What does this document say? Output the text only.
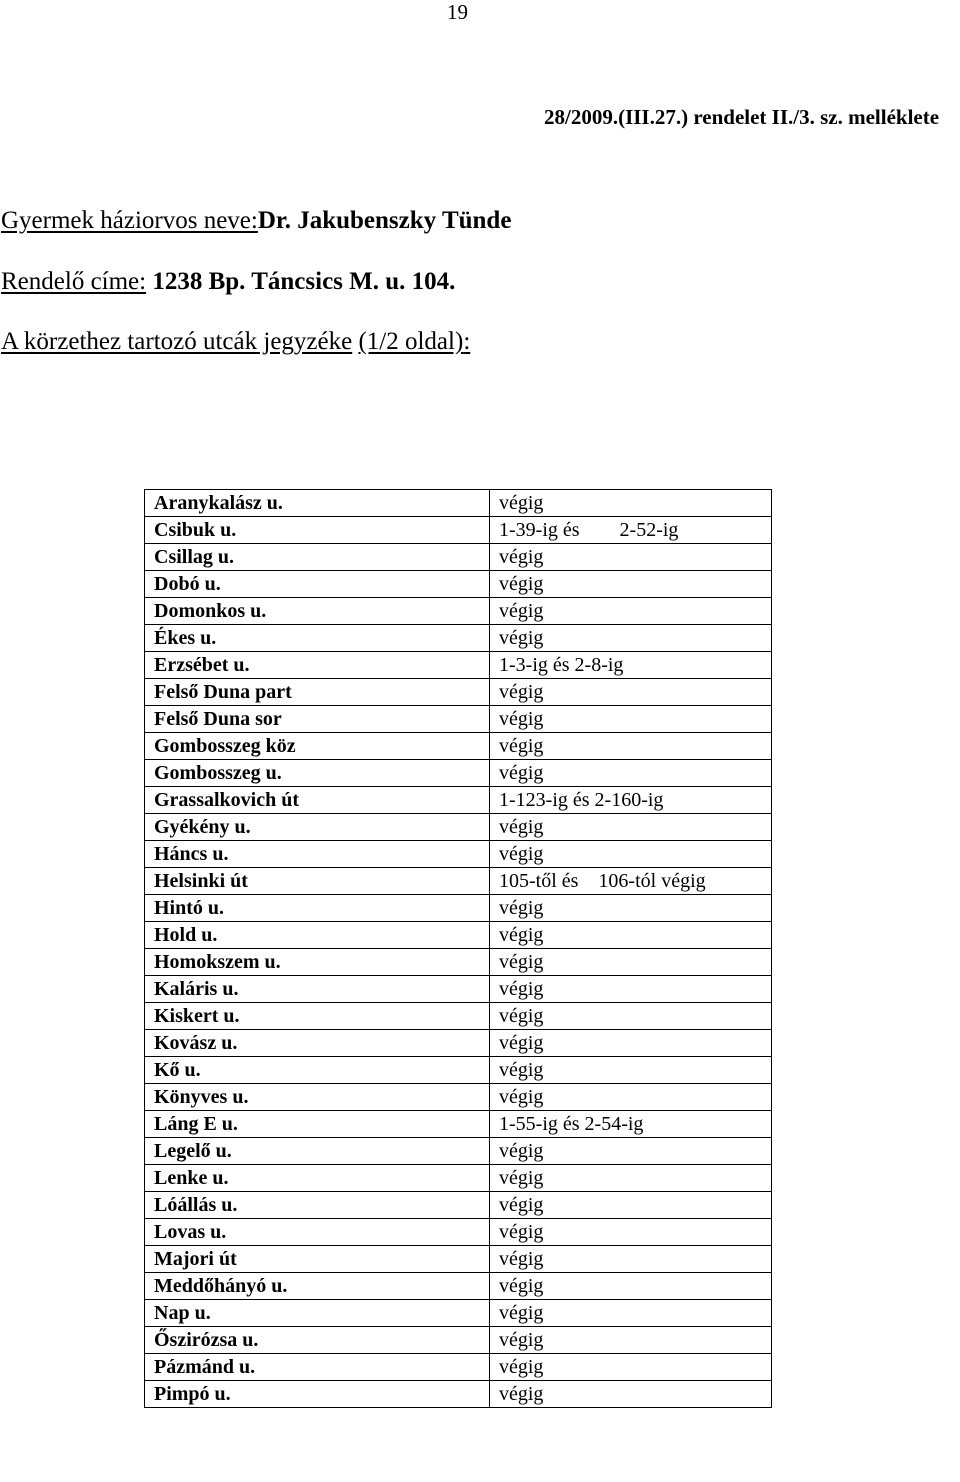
19
28/2009.(III.27.) rendelet II./3. sz. melléklete
Gyermek háziorvos neve:Dr. Jakubenszky Tünde
Rendelő címe: 1238 Bp. Táncsics M. u. 104.
A körzethez tartozó utcák jegyzéke (1/2 oldal):
Aranykalász u.	végig
Csibuk u.	1-39-ig és        2-52-ig
Csillag u.	végig
Dobó u.	végig
Domonkos u.	végig
Ékes u.	végig
Erzsébet u.	1-3-ig és 2-8-ig
Felső Duna part	végig
Felső Duna sor	végig
Gombosszeg köz	végig
Gombosszeg u.	végig
Grassalkovich út	1-123-ig és 2-160-ig
Gyékény u.	végig
Háncs u.	végig
Helsinki út	105-től és    106-tól végig
Hintó u.	végig
Hold u.	végig
Homokszem u.	végig
Kaláris u.	végig
Kiskert u.	végig
Kovász u.	végig
Kő u.	végig
Könyves u.	végig
Láng E u.	1-55-ig és 2-54-ig
Legelő u.	végig
Lenke u.	végig
Lóállás u.	végig
Lovas u.	végig
Majori út	végig
Meddőhányó u.	végig
Nap u.	végig
Őszirózsa u.	végig
Pázmánd u.	végig
Pimpó u.	végig
